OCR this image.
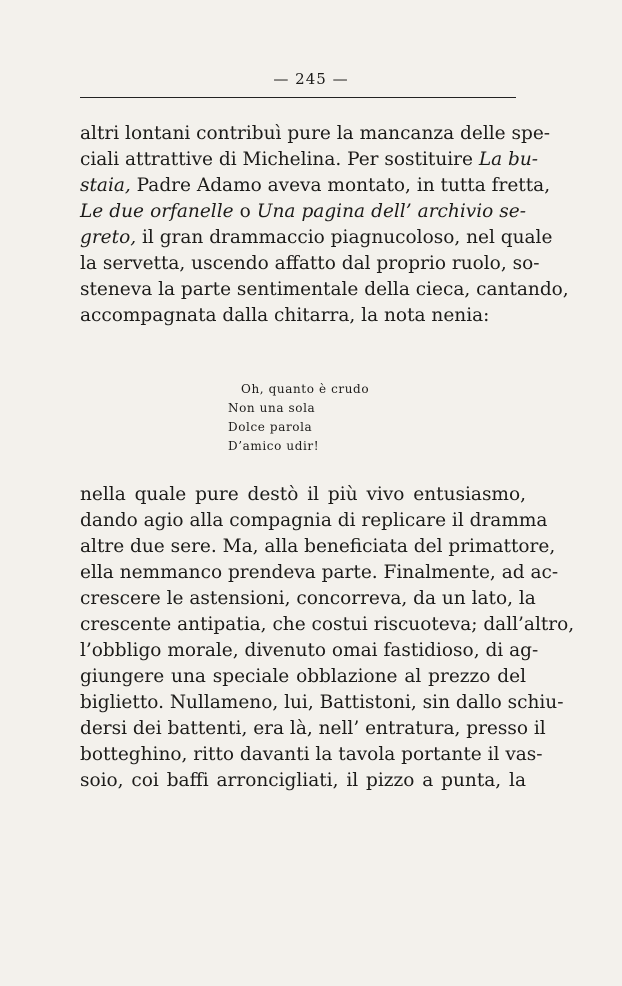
— 245 —
altri lontani contribuì pure la mancanza delle spe-
ciali attrattive di Michelina. Per sostituire La bu-
staia, Padre Adamo aveva montato, in tutta fretta,
Le due orfanelle o Una pagina dell’ archivio se-
greto, il gran drammaccio piagnucoloso, nel quale
la servetta, uscendo affatto dal proprio ruolo, so-
steneva la parte sentimentale della cieca, cantando,
accompagnata dalla chitarra, la nota nenia:
Oh, quanto è crudo
Non una sola
Dolce parola
D’amico udir!
nella quale pure destò il più vivo entusiasmo,
dando agio alla compagnia di replicare il dramma
altre due sere. Ma, alla beneficiata del primattore,
ella nemmanco prendeva parte. Finalmente, ad ac-
crescere le astensioni, concorreva, da un lato, la
crescente antipatia, che costui riscuoteva; dall’altro,
l’obbligo morale, divenuto omai fastidioso, di ag-
giungere una speciale obblazione al prezzo del
biglietto. Nullameno, lui, Battistoni, sin dallo schiu-
dersi dei battenti, era là, nell’ entratura, presso il
botteghino, ritto davanti la tavola portante il vas-
soio, coi baffi arroncigliati, il pizzo a punta, la
